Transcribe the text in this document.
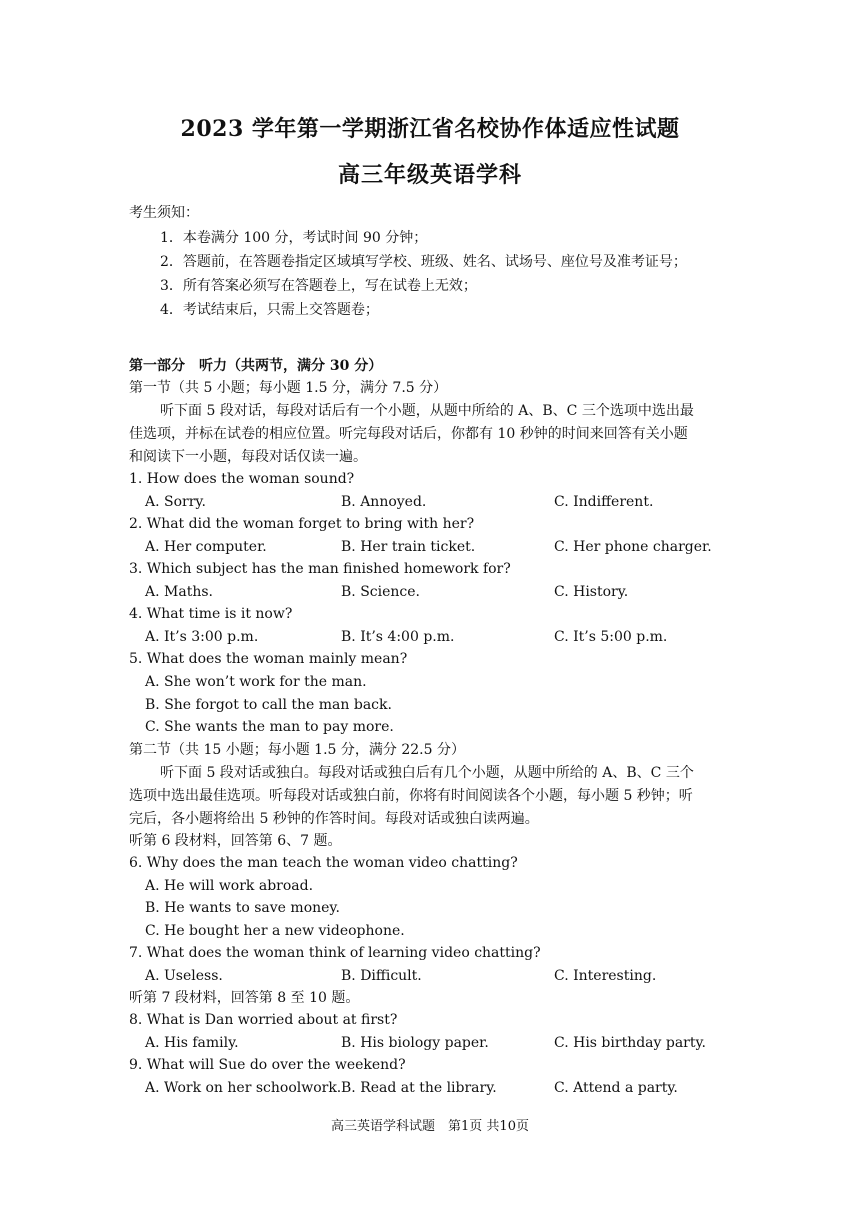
2023 学年第一学期浙江省名校协作体适应性试题
高三年级英语学科
考生须知：
1．本卷满分 100 分，考试时间 90 分钟；
2．答题前，在答题卷指定区域填写学校、班级、姓名、试场号、座位号及准考证号；
3．所有答案必须写在答题卷上，写在试卷上无效；
4．考试结束后，只需上交答题卷；
第一部分　听力（共两节，满分 30 分）
第一节（共 5 小题；每小题 1.5 分，满分 7.5 分）
听下面 5 段对话，每段对话后有一个小题，从题中所给的 A、B、C 三个选项中选出最
佳选项，并标在试卷的相应位置。听完每段对话后，你都有 10 秒钟的时间来回答有关小题
和阅读下一小题，每段对话仅读一遍。
1. How does the woman sound?
A. Sorry.	B. Annoyed.	C. Indifferent.
2. What did the woman forget to bring with her?
A. Her computer.	B. Her train ticket.	C. Her phone charger.
3. Which subject has the man finished homework for?
A. Maths.	B. Science.	C. History.
4. What time is it now?
A. It’s 3:00 p.m.	B. It’s 4:00 p.m.	C. It’s 5:00 p.m.
5. What does the woman mainly mean?
A. She won’t work for the man.
B. She forgot to call the man back.
C. She wants the man to pay more.
第二节（共 15 小题；每小题 1.5 分，满分 22.5 分）
听下面 5 段对话或独白。每段对话或独白后有几个小题，从题中所给的 A、B、C 三个
选项中选出最佳选项。听每段对话或独白前，你将有时间阅读各个小题，每小题 5 秒钟；听
完后，各小题将给出 5 秒钟的作答时间。每段对话或独白读两遍。
听第 6 段材料，回答第 6、7 题。
6. Why does the man teach the woman video chatting?
A. He will work abroad.
B. He wants to save money.
C. He bought her a new videophone.
7. What does the woman think of learning video chatting?
A. Useless.	B. Difficult.	C. Interesting.
听第 7 段材料，回答第 8 至 10 题。
8. What is Dan worried about at first?
A. His family.	B. His biology paper.	C. His birthday party.
9. What will Sue do over the weekend?
A. Work on her schoolwork. B. Read at the library.	C. Attend a party.
高三英语学科试题　第1页 共10页
